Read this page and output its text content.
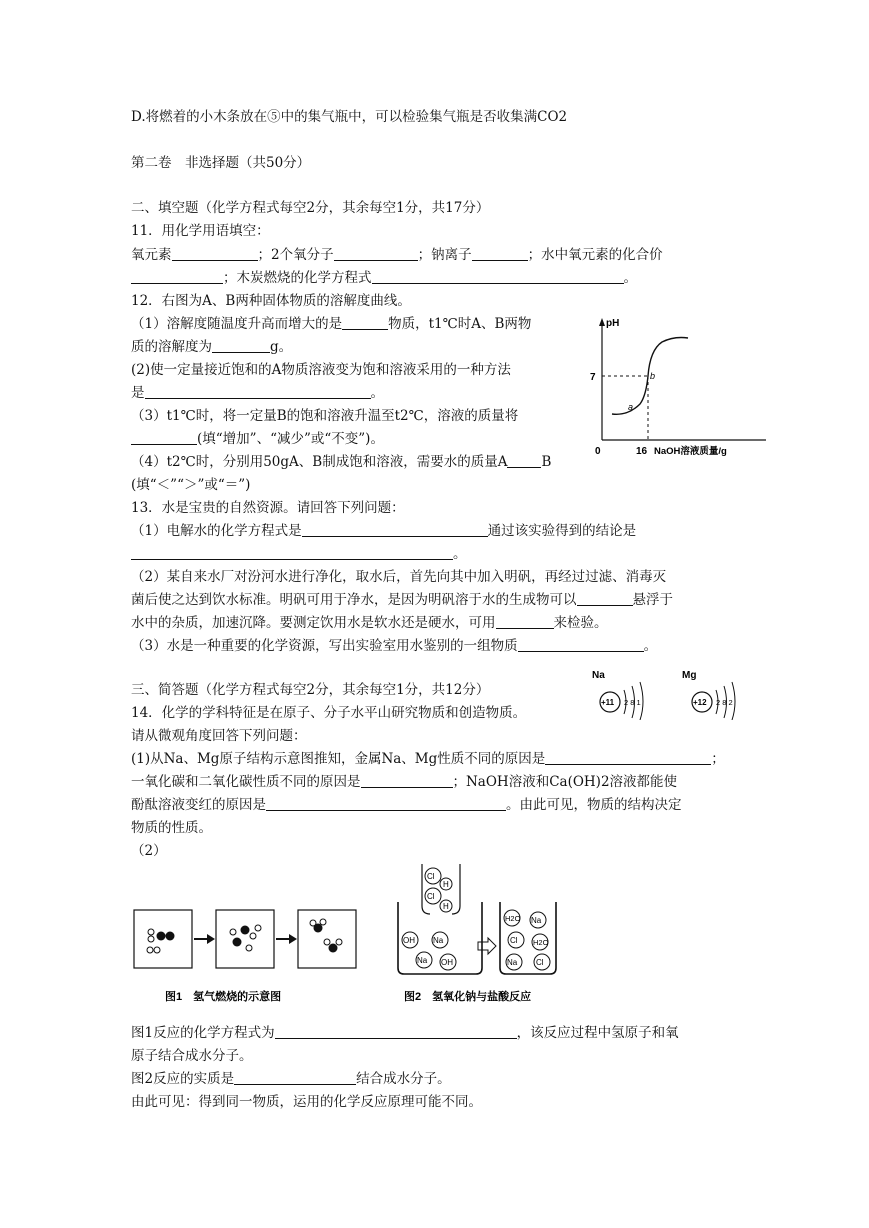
D.将燃着的小木条放在⑤中的集气瓶中，可以检验集气瓶是否收集满CO2
第二卷　非选择题（共50分）
二、填空题（化学方程式每空2分，其余每空1分，共17分）
11．用化学用语填空：
氧元素	；2个氧分子	；钠离子	；水中氧元素的化合价
；木炭燃烧的化学方程式	。
12．右图为A、B两种固体物质的溶解度曲线。
（1）溶解度随温度升高而增大的是	物质，t1℃时A、B两物
质的溶解度为	g。
(2)使一定量接近饱和的A物质溶液变为饱和溶液采用的一种方法
是	。
（3）t1℃时，将一定量B的饱和溶液升温至t2℃，溶液的质量将
(填“增加”、“减少”或“不变”)。
（4）t2℃时，分别用50gA、B制成饱和溶液，需要水的质量A	B
(填“＜”“＞”或“＝”)
13．水是宝贵的自然资源。请回答下列问题：
（1）电解水的化学方程式是	通过该实验得到的结论是
。
（2）某自来水厂对汾河水进行净化，取水后，首先向其中加入明矾，再经过过滤、消毒灭
菌后使之达到饮水标准。明矾可用于净水，是因为明矾溶于水的生成物可以	悬浮于
水中的杂质，加速沉降。要测定饮用水是软水还是硬水，可用	来检验。
（3）水是一种重要的化学资源，写出实验室用水鉴别的一组物质	。
三、简答题（化学方程式每空2分，其余每空1分，共12分）
14．化学的学科特征是在原子、分子水平山研究物质和创造物质。
请从微观角度回答下列问题：
(1)从Na、Mg原子结构示意图推知，金属Na、Mg性质不同的原因是	；
一氧化碳和二氧化碳性质不同的原因是	；NaOH溶液和Ca(OH)2溶液都能使
酚酞溶液变红的原因是	。由此可见，物质的结构决定
物质的性质。
（2）
图1反应的化学方程式为	，该反应过程中氢原子和氧
原子结合成水分子。
图2反应的实质是	结合成水分子。
由此可见：得到同一物质，运用的化学反应原理可能不同。
pH
7
a
b
0	16 NaOH溶液质量/g
Na
+11 2 8 1
Mg
+12 2 8 2
图1　氢气燃烧的示意图
Cl
H
Cl
H
OH Na
Na OH
H2O Na
Cl H2O
Na Cl
图2　氢氧化钠与盐酸反应
